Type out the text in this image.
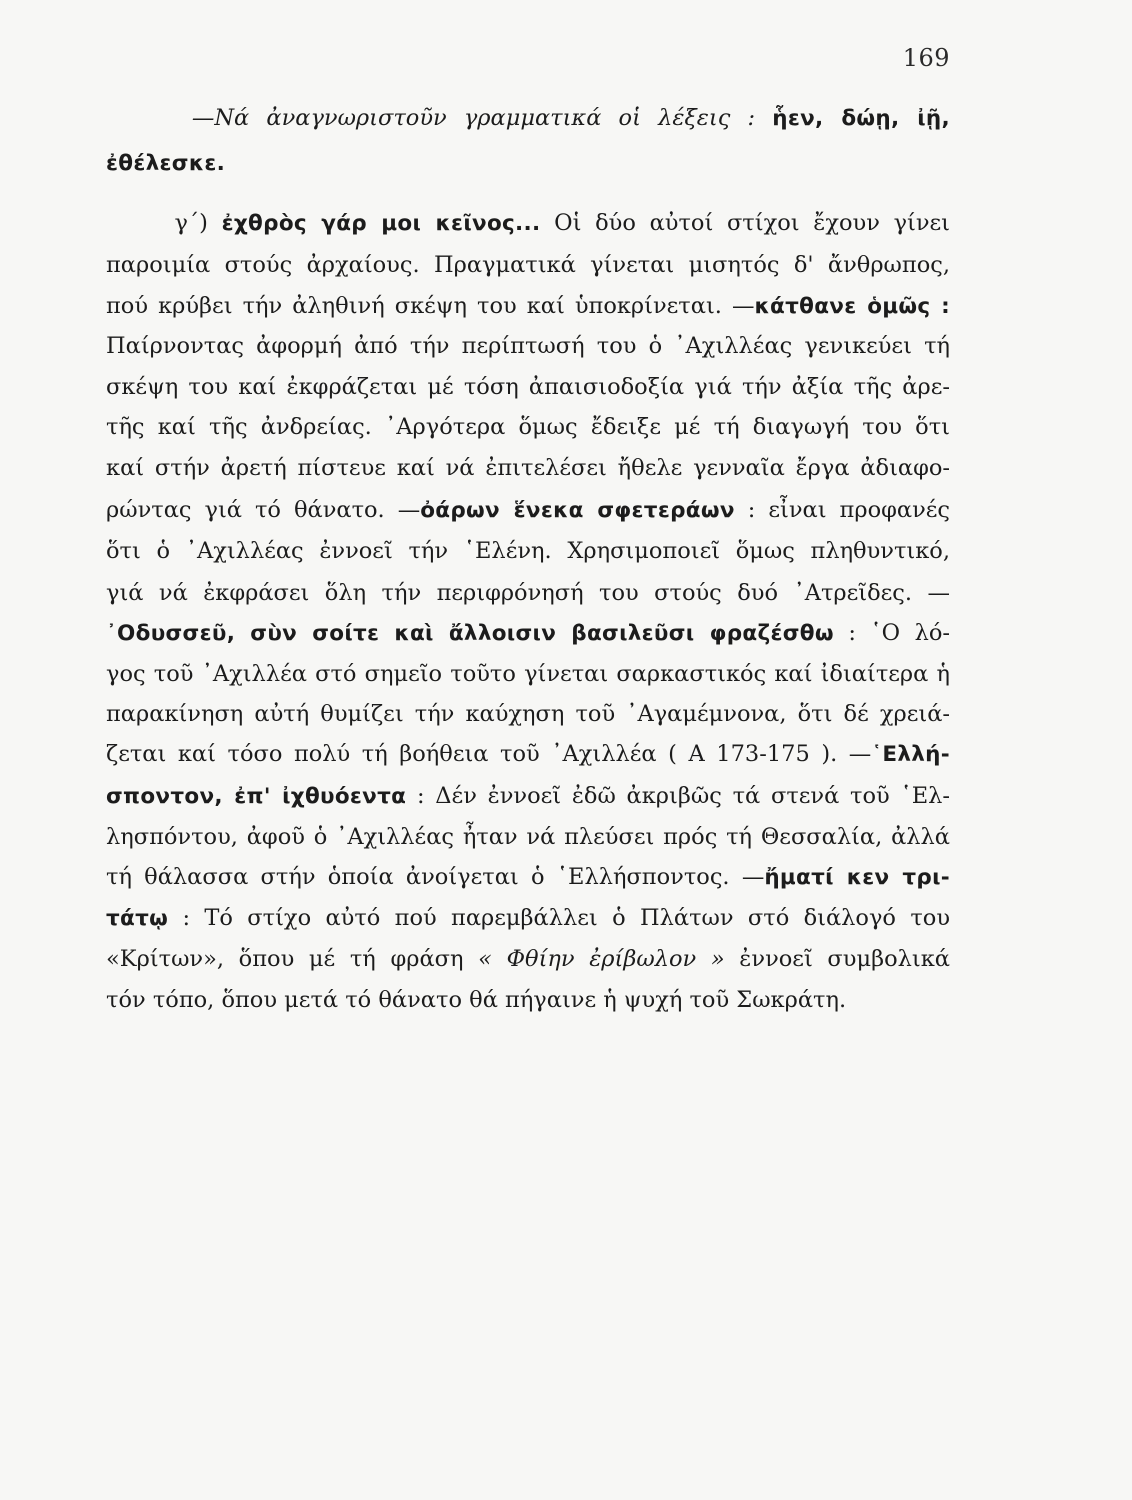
169

—Νά ἀναγνωριστοῦν γραμματικά οἱ λέξεις : ἧεν, δώῃ, ἰῇ,

ἐθέλεσκε.

γ΄) ἐχθρὸς γάρ μοι κεῖνος... Οἱ δύο αὐτοί στίχοι ἔχουν γίνει

παροιμία στούς ἀρχαίους. Πραγματικά γίνεται μισητός δ' ἄνθρωπος,

πού κρύβει τήν ἀληθινή σκέψη του καί ὑποκρίνεται. —κάτθανε ὁμῶς :

Παίρνοντας ἀφορμή ἀπό τήν περίπτωσή του ὁ ᾿Αχιλλέας γενικεύει τή

σκέψη του καί ἐκφράζεται μέ τόση ἀπαισιοδοξία γιά τήν ἀξία τῆς ἀρε-

τῆς καί τῆς ἀνδρείας. ᾿Αργότερα ὅμως ἔδειξε μέ τή διαγωγή του ὅτι

καί στήν ἀρετή πίστευε καί νά ἐπιτελέσει ἤθελε γενναῖα ἔργα ἀδιαφο-

ρώντας γιά τό θάνατο. —ὀάρων ἕνεκα σφετεράων : εἶναι προφανές

ὅτι ὁ ᾿Αχιλλέας ἐννοεῖ τήν ῾Ελένη. Χρησιμοποιεῖ ὅμως πληθυντικό,

γιά νά ἐκφράσει ὅλη τήν περιφρόνησή του στούς δυό ᾿Ατρεῖδες. —

᾿Οδυσσεῦ, σὺν σοίτε καὶ ἄλλοισιν βασιλεῦσι φραζέσθω : ῾Ο λό-

γος τοῦ ᾿Αχιλλέα στό σημεῖο τοῦτο γίνεται σαρκαστικός καί ἰδιαίτερα ἡ

παρακίνηση αὐτή θυμίζει τήν καύχηση τοῦ ᾿Αγαμέμνονα, ὅτι δέ χρειά-

ζεται καί τόσο πολύ τή βοήθεια τοῦ ᾿Αχιλλέα ( Α 173-175 ). —῾Ελλή-

σποντον, ἐπ' ἰχθυόεντα : Δέν ἐννοεῖ ἐδῶ ἀκριβῶς τά στενά τοῦ ῾Ελ-

λησπόντου, ἀφοῦ ὁ ᾿Αχιλλέας ἦταν νά πλεύσει πρός τή Θεσσαλία, ἀλλά

τή θάλασσα στήν ὁποία ἀνοίγεται ὁ ῾Ελλήσποντος. —ἤματί κεν τρι-

τάτῳ : Τό στίχο αὐτό πού παρεμβάλλει ὁ Πλάτων στό διάλογό του

«Κρίτων», ὅπου μέ τή φράση « Φθίην ἐρίβωλον » ἐννοεῖ συμβολικά

τόν τόπο, ὅπου μετά τό θάνατο θά πήγαινε ἡ ψυχή τοῦ Σωκράτη.
